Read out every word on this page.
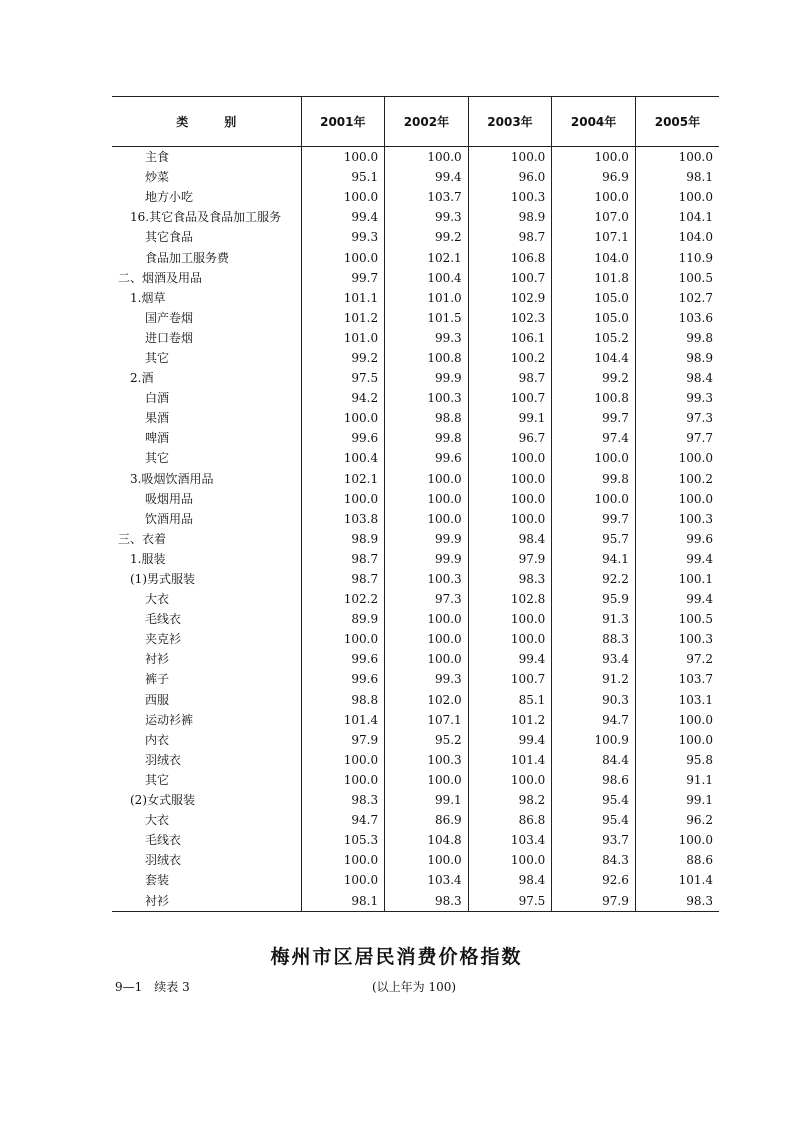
类别	2001年	2002年	2003年	2004年	2005年
主食	100.0	100.0	100.0	100.0	100.0
炒菜	95.1	99.4	96.0	96.9	98.1
地方小吃	100.0	103.7	100.3	100.0	100.0
16.其它食品及食品加工服务	99.4	99.3	98.9	107.0	104.1
其它食品	99.3	99.2	98.7	107.1	104.0
食品加工服务费	100.0	102.1	106.8	104.0	110.9
二、烟酒及用品	99.7	100.4	100.7	101.8	100.5
1.烟草	101.1	101.0	102.9	105.0	102.7
国产卷烟	101.2	101.5	102.3	105.0	103.6
进口卷烟	101.0	99.3	106.1	105.2	99.8
其它	99.2	100.8	100.2	104.4	98.9
2.酒	97.5	99.9	98.7	99.2	98.4
白酒	94.2	100.3	100.7	100.8	99.3
果酒	100.0	98.8	99.1	99.7	97.3
啤酒	99.6	99.8	96.7	97.4	97.7
其它	100.4	99.6	100.0	100.0	100.0
3.吸烟饮酒用品	102.1	100.0	100.0	99.8	100.2
吸烟用品	100.0	100.0	100.0	100.0	100.0
饮酒用品	103.8	100.0	100.0	99.7	100.3
三、衣着	98.9	99.9	98.4	95.7	99.6
1.服装	98.7	99.9	97.9	94.1	99.4
(1)男式服装	98.7	100.3	98.3	92.2	100.1
大衣	102.2	97.3	102.8	95.9	99.4
毛线衣	89.9	100.0	100.0	91.3	100.5
夹克衫	100.0	100.0	100.0	88.3	100.3
衬衫	99.6	100.0	99.4	93.4	97.2
裤子	99.6	99.3	100.7	91.2	103.7
西服	98.8	102.0	85.1	90.3	103.1
运动衫裤	101.4	107.1	101.2	94.7	100.0
内衣	97.9	95.2	99.4	100.9	100.0
羽绒衣	100.0	100.3	101.4	84.4	95.8
其它	100.0	100.0	100.0	98.6	91.1
(2)女式服装	98.3	99.1	98.2	95.4	99.1
大衣	94.7	86.9	86.8	95.4	96.2
毛线衣	105.3	104.8	103.4	93.7	100.0
羽绒衣	100.0	100.0	100.0	84.3	88.6
套装	100.0	103.4	98.4	92.6	101.4
衬衫	98.1	98.3	97.5	97.9	98.3
梅州市区居民消费价格指数
9—1　续表 3	(以上年为 100)
